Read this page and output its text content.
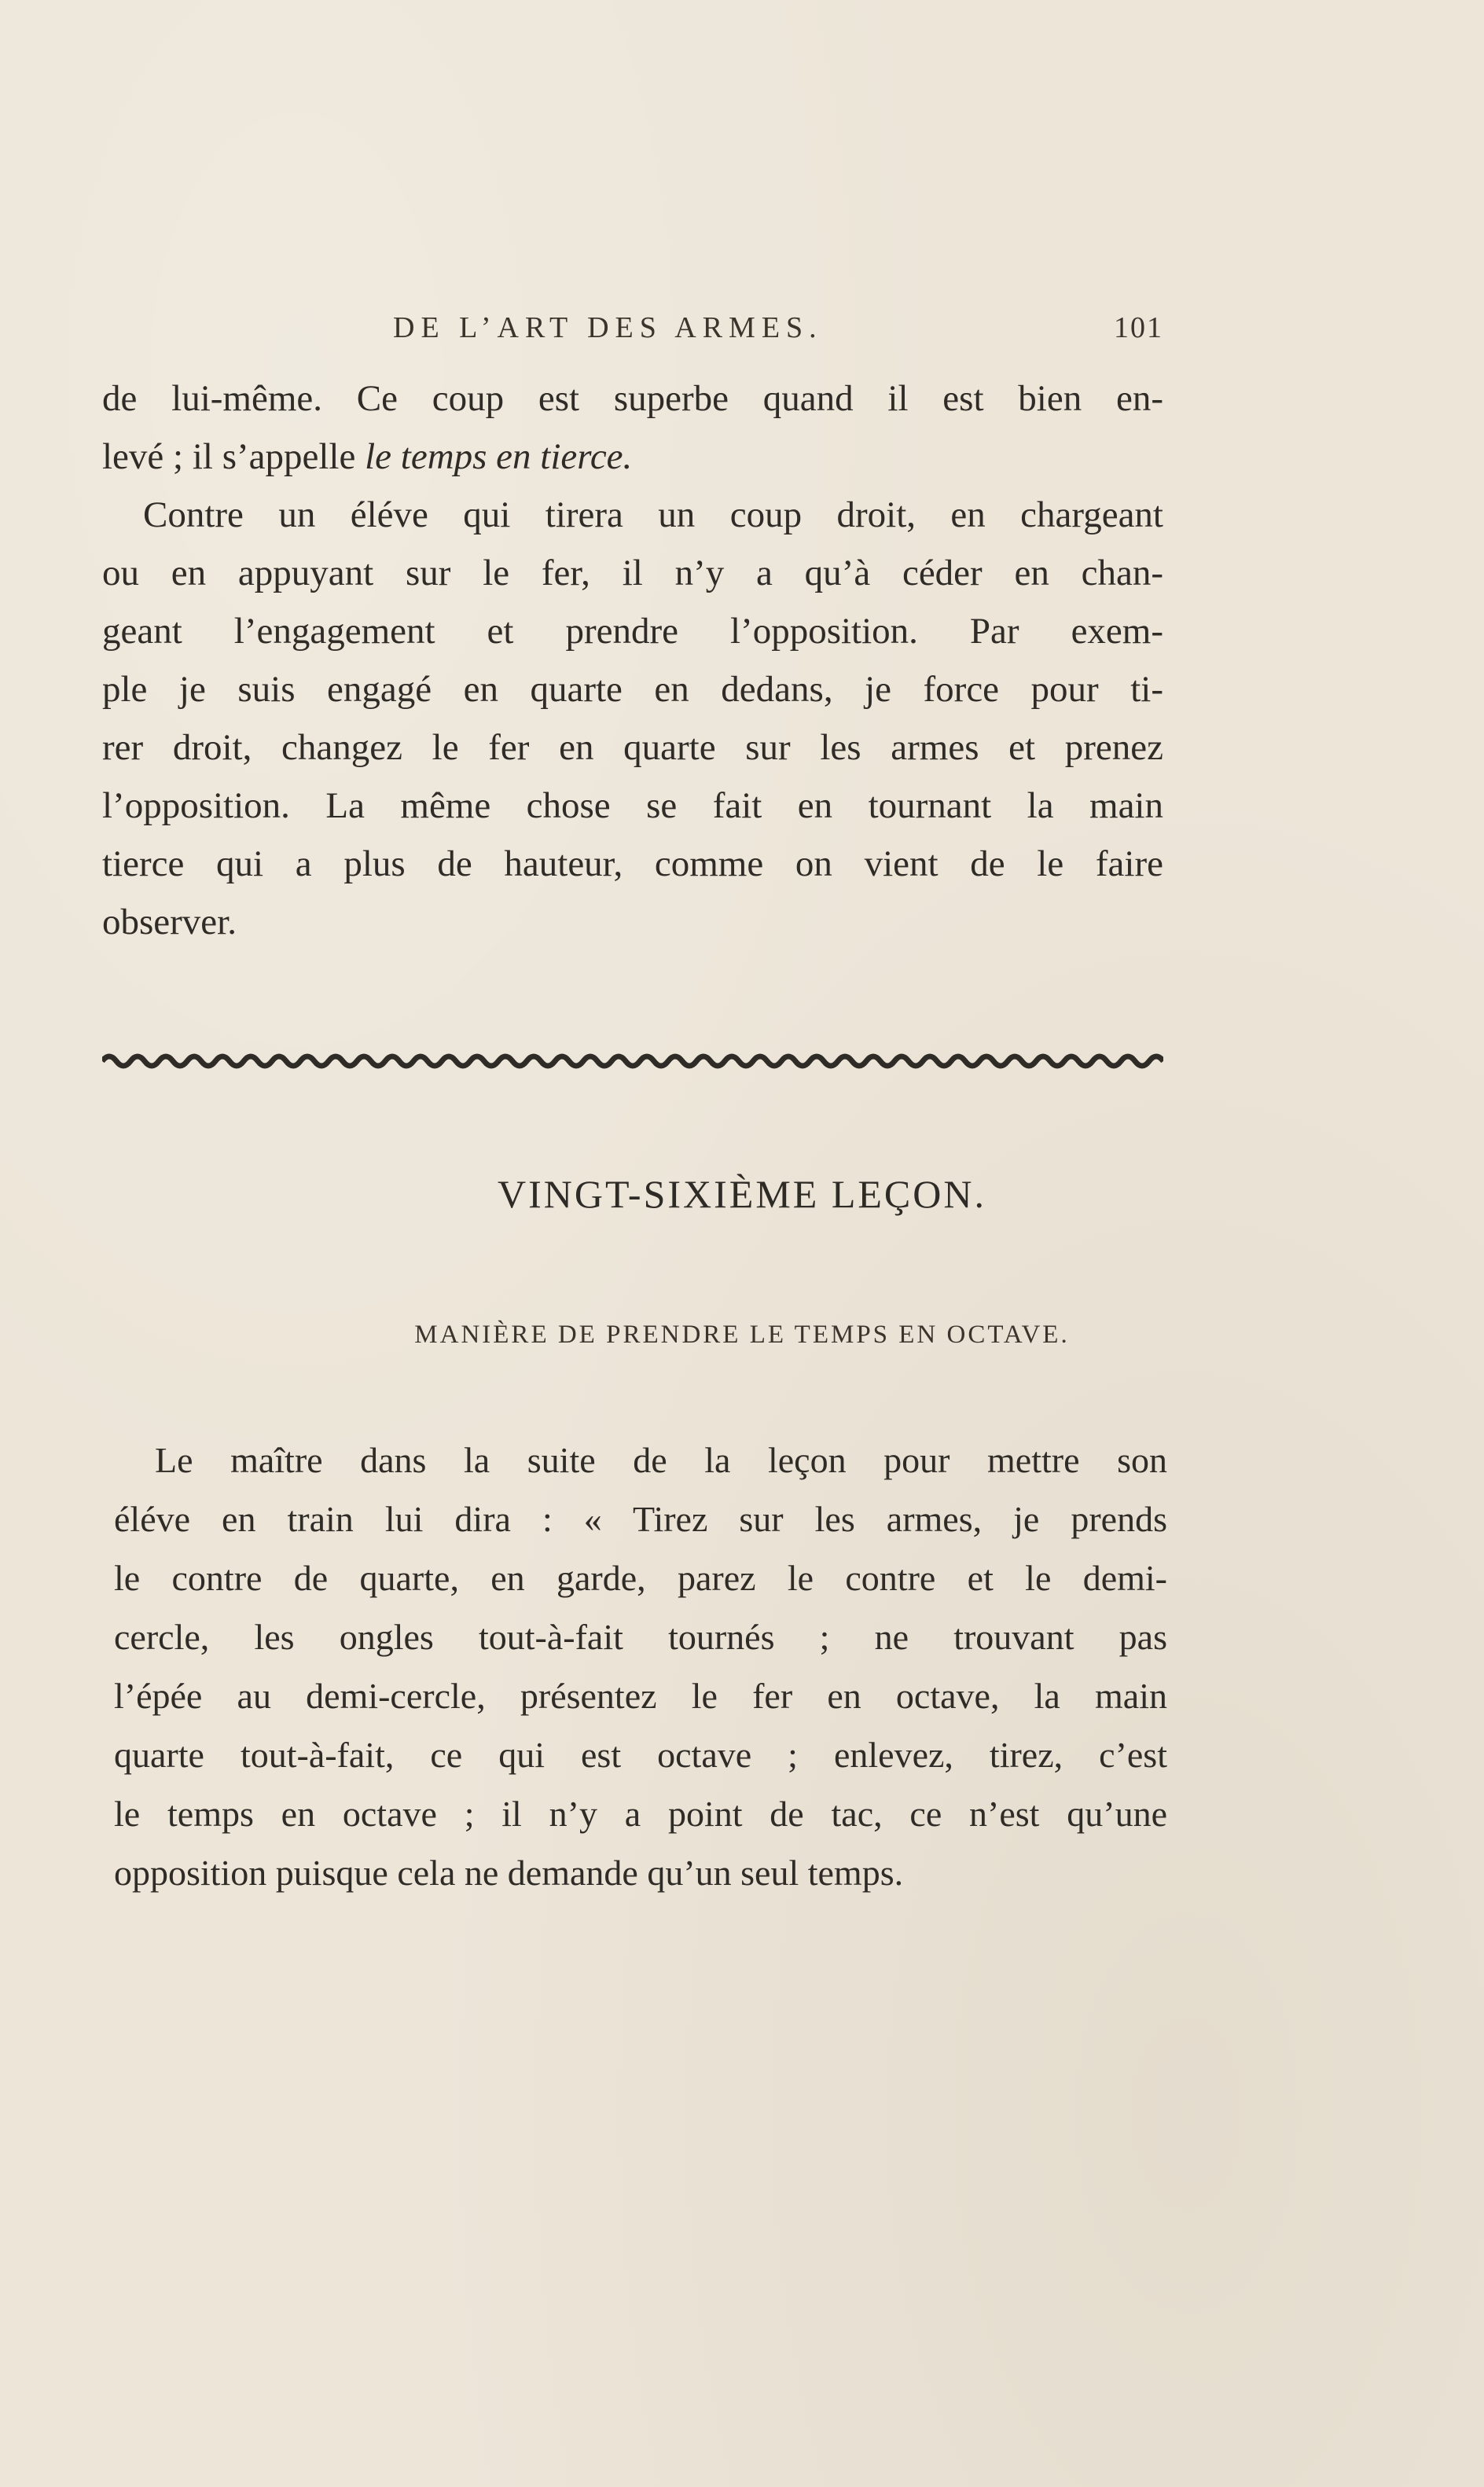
DE L’ART DES ARMES.	101
de lui-même. Ce coup est superbe quand il est bien en-
levé ; il s’appelle le temps en tierce.
Contre un éléve qui tirera un coup droit, en chargeant
ou en appuyant sur le fer, il n’y a qu’à céder en chan-
geant l’engagement et prendre l’opposition. Par exem-
ple je suis engagé en quarte en dedans, je force pour ti-
rer droit, changez le fer en quarte sur les armes et prenez
l’opposition. La même chose se fait en tournant la main
tierce qui a plus de hauteur, comme on vient de le faire
observer.
VINGT-SIXIÈME LEÇON.
MANIÈRE DE PRENDRE LE TEMPS EN OCTAVE.
Le maître dans la suite de la leçon pour mettre son
éléve en train lui dira : « Tirez sur les armes, je prends
le contre de quarte, en garde, parez le contre et le demi-
cercle, les ongles tout-à-fait tournés ; ne trouvant pas
l’épée au demi-cercle, présentez le fer en octave, la main
quarte tout-à-fait, ce qui est octave ; enlevez, tirez, c’est
le temps en octave ; il n’y a point de tac, ce n’est qu’une
opposition puisque cela ne demande qu’un seul temps.
